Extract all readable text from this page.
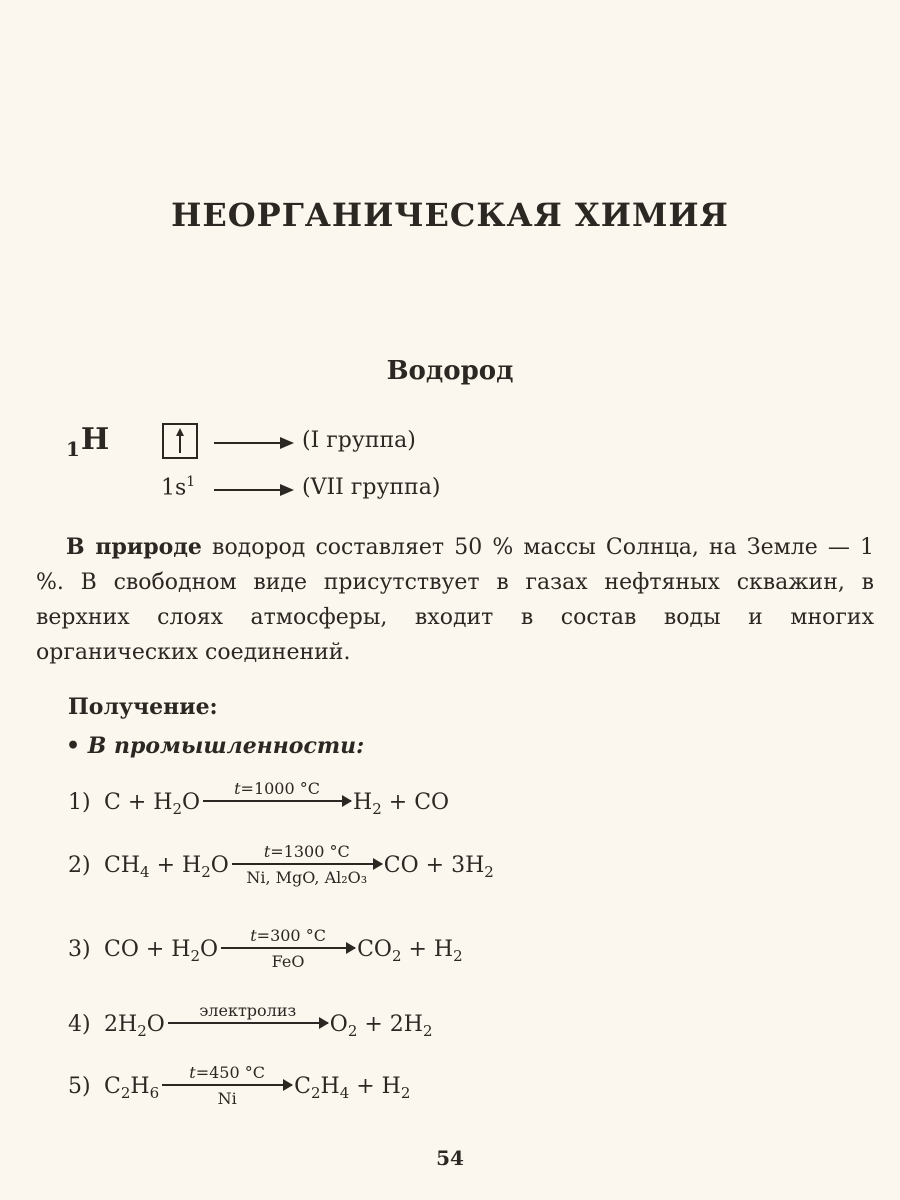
НЕОРГАНИЧЕСКАЯ ХИМИЯ
Водород
$_1$H	(I группа)
$1s^1$	(VII группа)

В природе водород составляет 50 % массы Солнца, на Земле — 1 %. В свободном виде присутствует в газах нефтяных скважин, в верхних слоях атмосферы, входит в состав воды и многих органических соединений.

Получение:
• В промышленности:
1) $C + H_2O$
t=1000 °C
$H_2$ + CO
2) $CH_4 + H_2O$
t=1300 °C
Ni, MgO, Al₂O₃ CO + $3H_2$
3) CO + $H_2O$
t=300 °C
FeO	$CO_2 + H_2$
4) $2H_2O$
электролиз
$O_2 + 2H_2$
5) $C_2H_6$
t=450 °C
Ni	$C_2H_4 + H_2$
54
